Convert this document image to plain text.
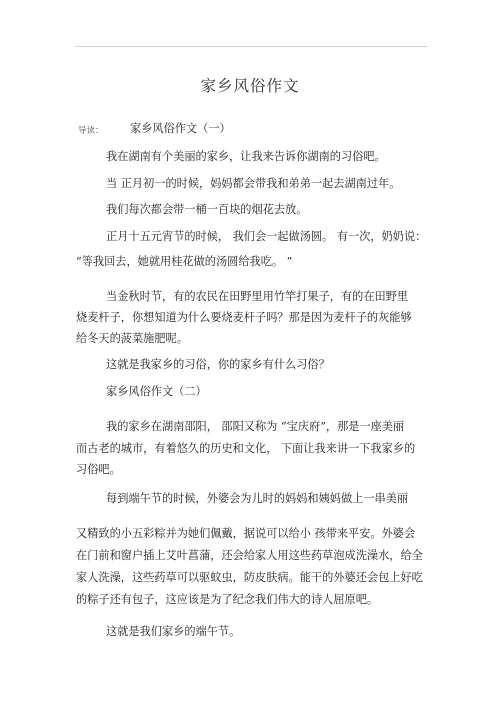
家乡风俗作文
导读： 家乡风俗作文（一）
我在湖南有个美丽的家乡，让我来告诉你湖南的习俗吧。
当 正月初一的时候，妈妈都会带我和弟弟一起去湖南过年。
我们每次都会带一桶一百块的烟花去放。
正月十五元宵节的时候， 我们会一起做汤圆。 有一次，奶奶说：
“等我回去，她就用桂花做的汤圆给我吃。 ”
当金秋时节，有的农民在田野里用竹竿打果子，有的在田野里
烧麦杆子，你想知道为什么要烧麦杆子吗？那是因为麦杆子的灰能够
给冬天的菠菜施肥呢。
这就是我家乡的习俗，你的家乡有什么习俗？
家乡风俗作文（二）
我的家乡在湖南邵阳， 邵阳又称为 “宝庆府”，那是一座美丽
而古老的城市，有着悠久的历史和文化， 下面让我来讲一下我家乡的
习俗吧。
每到端午节的时候，外婆会为儿时的妈妈和姨妈做上一串美丽
又精致的小五彩粽并为她们佩戴，据说可以给小 孩带来平安。外婆会
在门前和窗户插上艾叶菖蒲，还会给家人用这些药草泡成洗澡水，给全
家人洗澡，这些药草可以驱蚊虫，防皮肤病。能干的外婆还会包上好吃
的粽子还有包子，这应该是为了纪念我们伟大的诗人屈原吧。
这就是我们家乡的端午节。
